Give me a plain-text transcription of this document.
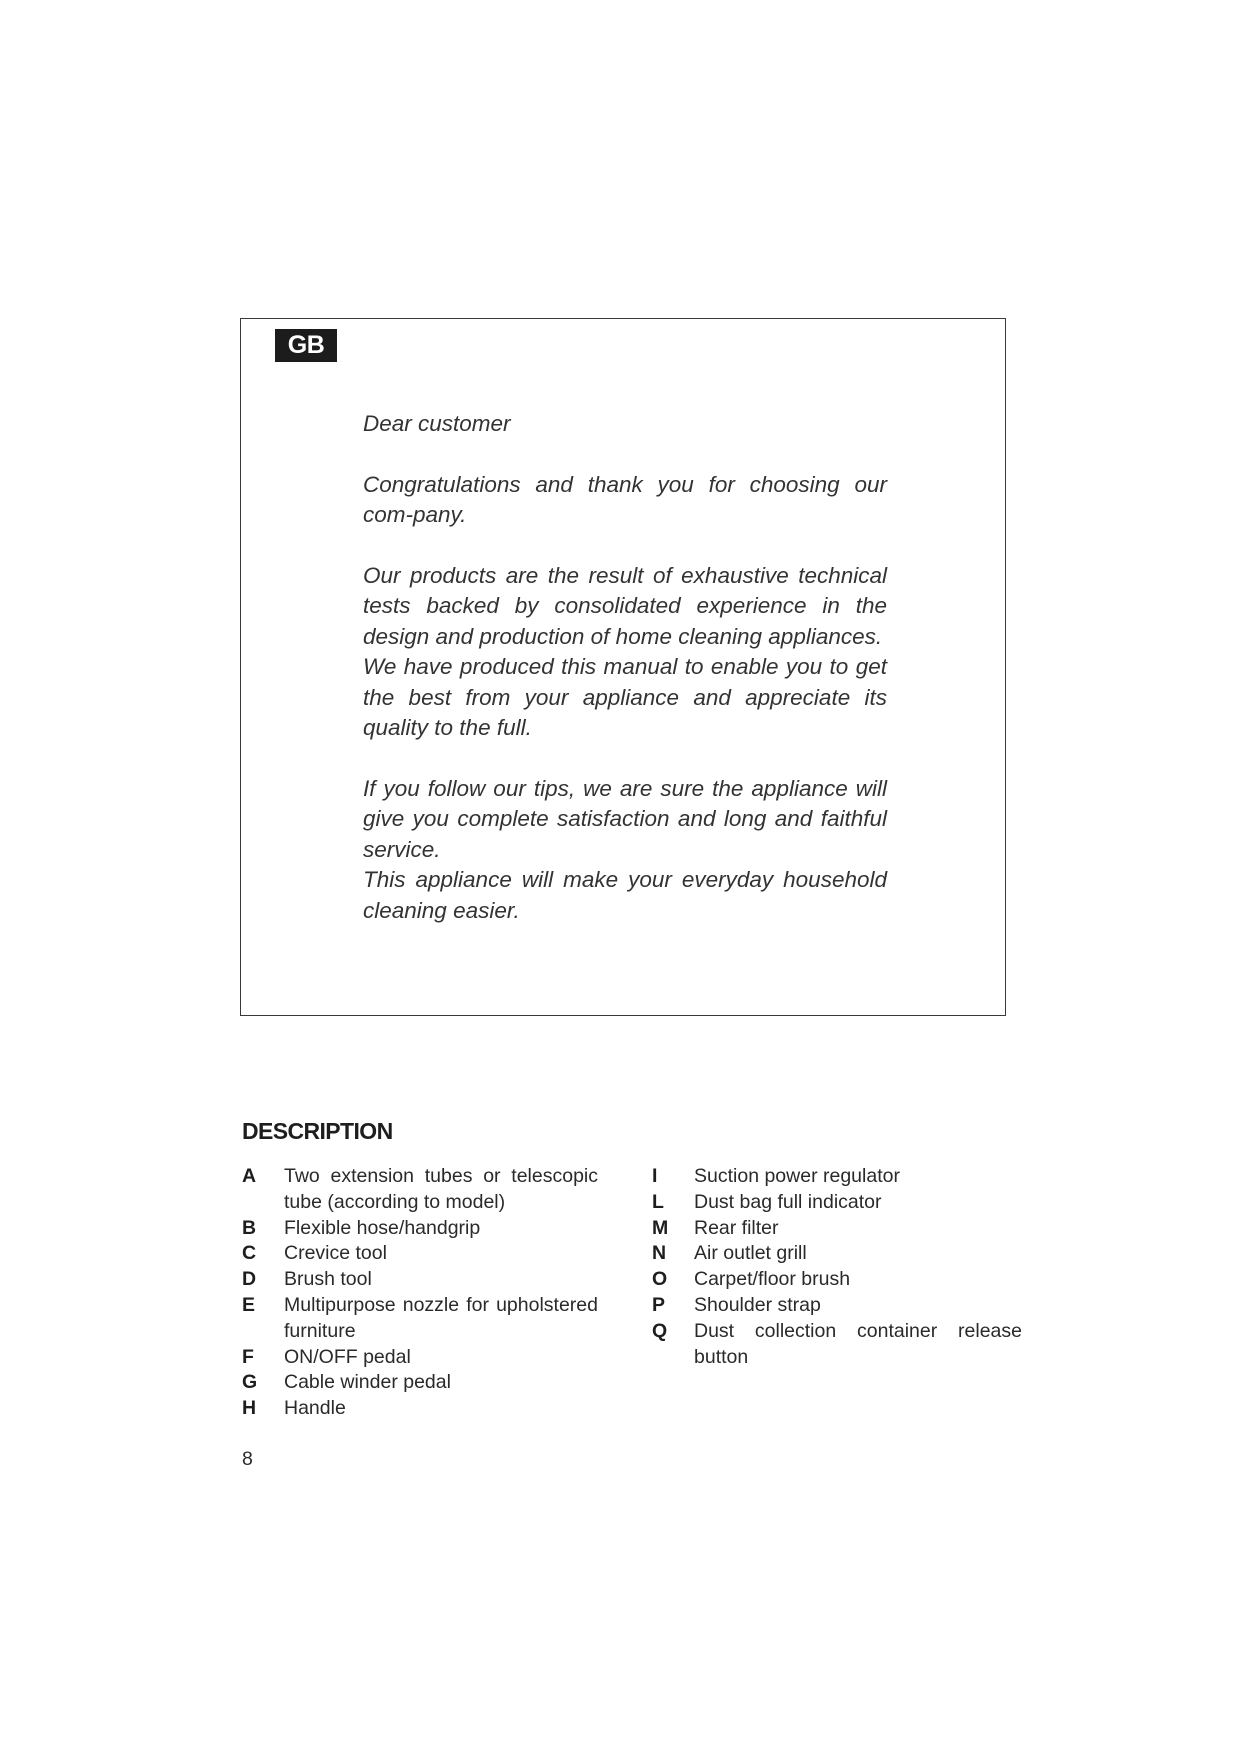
GB

Dear customer

Congratulations and thank you for choosing our com-pany.

Our products are the result of exhaustive technical tests backed by consolidated experience in the design and production of home cleaning appliances.

We have produced this manual to enable you to get the best from your appliance and appreciate its quality to the full.

If you follow our tips, we are sure the appliance will give you complete satisfaction and long and faithful service.

This appliance will make your everyday household cleaning easier.

DESCRIPTION
A	Two extension tubes or telescopic tube (according to model)
B	Flexible hose/handgrip
C	Crevice tool
D	Brush tool
E	Multipurpose nozzle for upholstered furniture
F	ON/OFF pedal
G	Cable winder pedal
H	Handle
I	Suction power regulator
L	Dust bag full indicator
M	Rear filter
N	Air outlet grill
O	Carpet/floor brush
P	Shoulder strap
Q	Dust collection container release button
8
